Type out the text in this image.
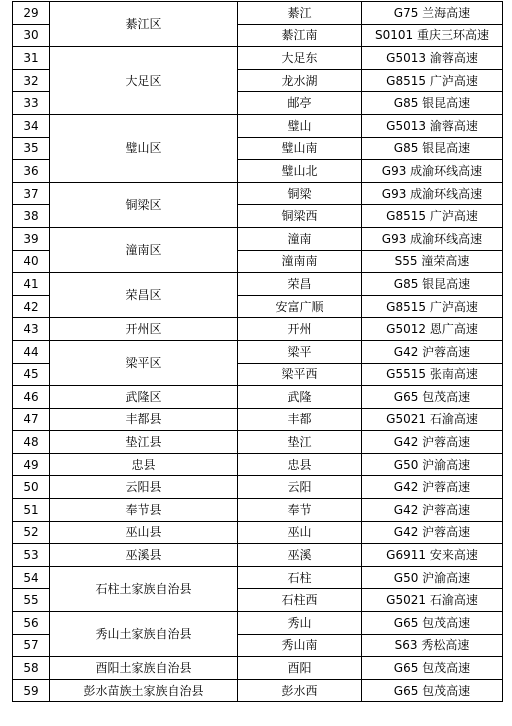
29	綦江区	綦江	G75 兰海高速
30		綦江南	S0101 重庆三环高速
31	大足区	大足东	G5013 渝蓉高速
32		龙水湖	G8515 广泸高速
33		邮亭	G85 银昆高速
34	璧山区	璧山	G5013 渝蓉高速
35		璧山南	G85 银昆高速
36		璧山北	G93 成渝环线高速
37	铜梁区	铜梁	G93 成渝环线高速
38		铜梁西	G8515 广泸高速
39	潼南区	潼南	G93 成渝环线高速
40		潼南南	S55 潼荣高速
41	荣昌区	荣昌	G85 银昆高速
42		安富广顺	G8515 广泸高速
43	开州区	开州	G5012 恩广高速
44	梁平区	梁平	G42 沪蓉高速
45		梁平西	G5515 张南高速
46	武隆区	武隆	G65 包茂高速
47	丰都县	丰都	G5021 石渝高速
48	垫江县	垫江	G42 沪蓉高速
49	忠县	忠县	G50 沪渝高速
50	云阳县	云阳	G42 沪蓉高速
51	奉节县	奉节	G42 沪蓉高速
52	巫山县	巫山	G42 沪蓉高速
53	巫溪县	巫溪	G6911 安来高速
54	石柱土家族自治县	石柱	G50 沪渝高速
55		石柱西	G5021 石渝高速
56	秀山土家族自治县	秀山	G65 包茂高速
57		秀山南	S63 秀松高速
58	酉阳土家族自治县	酉阳	G65 包茂高速
59	彭水苗族土家族自治县	彭水西	G65 包茂高速
